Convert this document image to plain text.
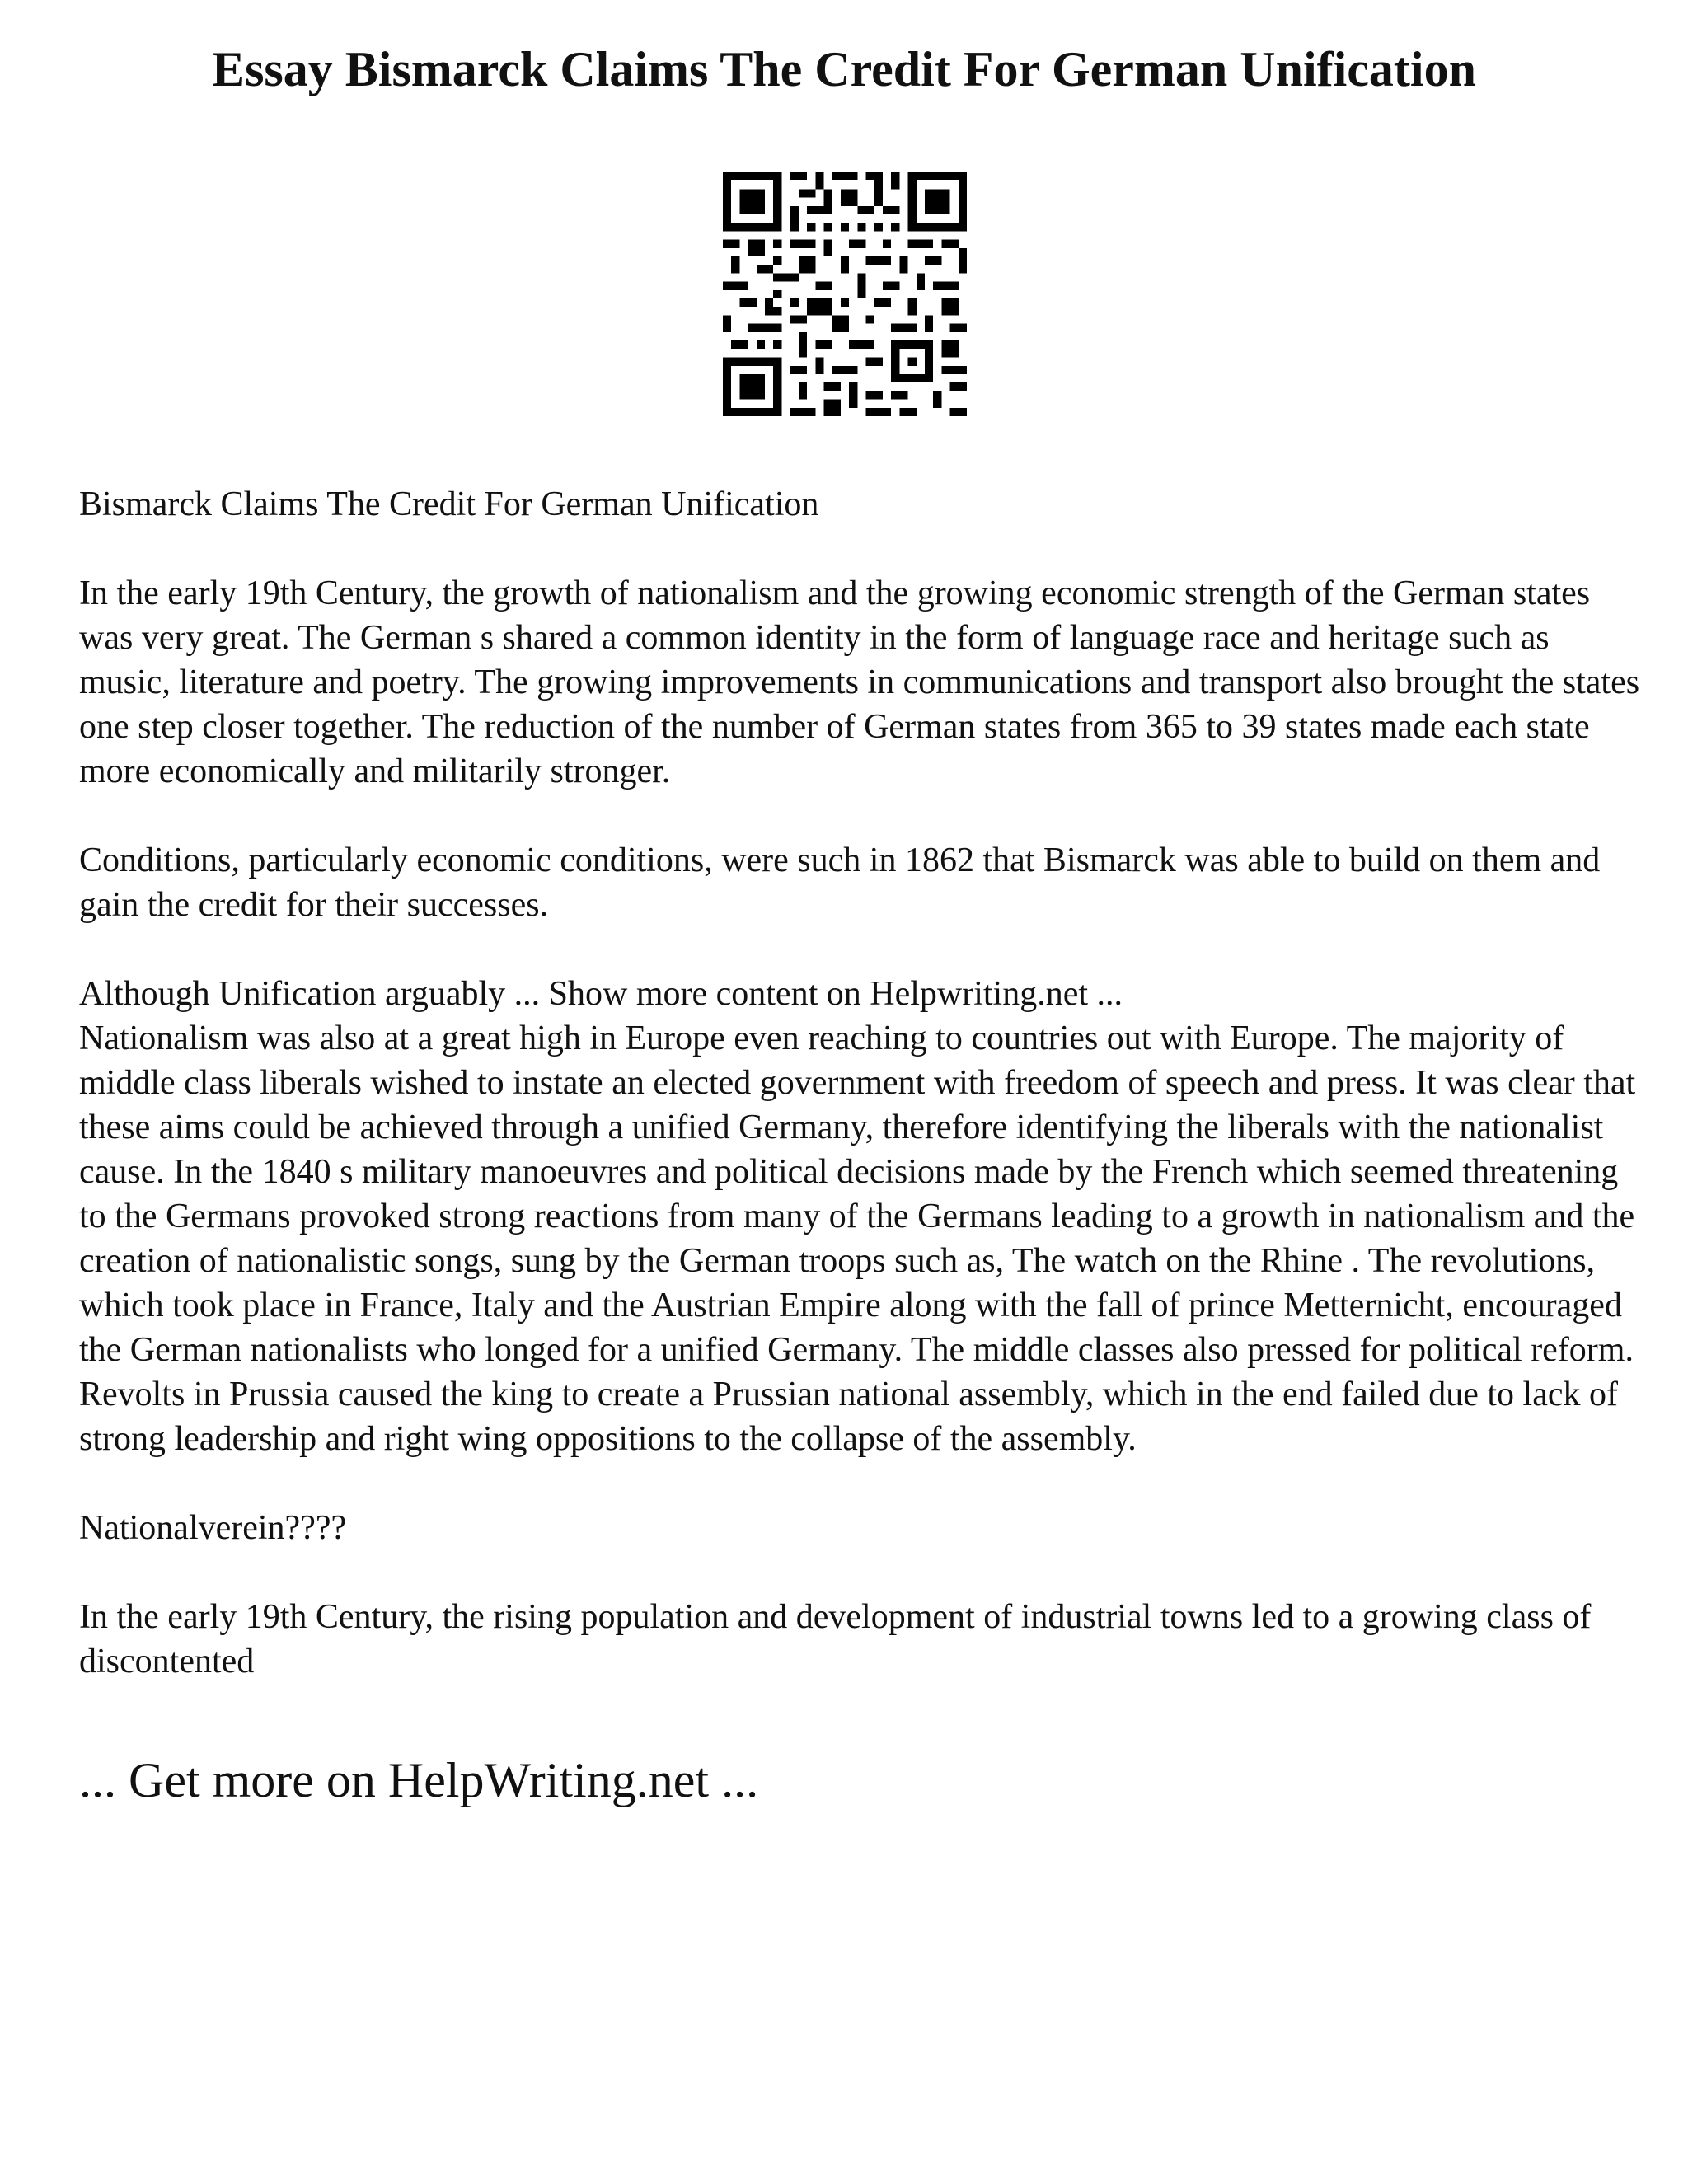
Essay Bismarck Claims The Credit For German Unification

Bismarck Claims The Credit For German Unification

In the early 19th Century, the growth of nationalism and the growing economic strength of the German states was very great. The German s shared a common identity in the form of language race and heritage such as music, literature and poetry. The growing improvements in communications and transport also brought the states one step closer together. The reduction of the number of German states from 365 to 39 states made each state more economically and militarily stronger.

Conditions, particularly economic conditions, were such in 1862 that Bismarck was able to build on them and gain the credit for their successes.

Although Unification arguably ... Show more content on Helpwriting.net ...

Nationalism was also at a great high in Europe even reaching to countries out with Europe. The majority of middle class liberals wished to instate an elected government with freedom of speech and press. It was clear that these aims could be achieved through a unified Germany, therefore identifying the liberals with the nationalist cause. In the 1840 s military manoeuvres and political decisions made by the French which seemed threatening to the Germans provoked strong reactions from many of the Germans leading to a growth in nationalism and the creation of nationalistic songs, sung by the German troops such as, The watch on the Rhine . The revolutions, which took place in France, Italy and the Austrian Empire along with the fall of prince Metternicht, encouraged the German nationalists who longed for a unified Germany. The middle classes also pressed for political reform. Revolts in Prussia caused the king to create a Prussian national assembly, which in the end failed due to lack of strong leadership and right wing oppositions to the collapse of the assembly.

Nationalverein????

In the early 19th Century, the rising population and development of industrial towns led to a growing class of discontented

... Get more on HelpWriting.net ...
